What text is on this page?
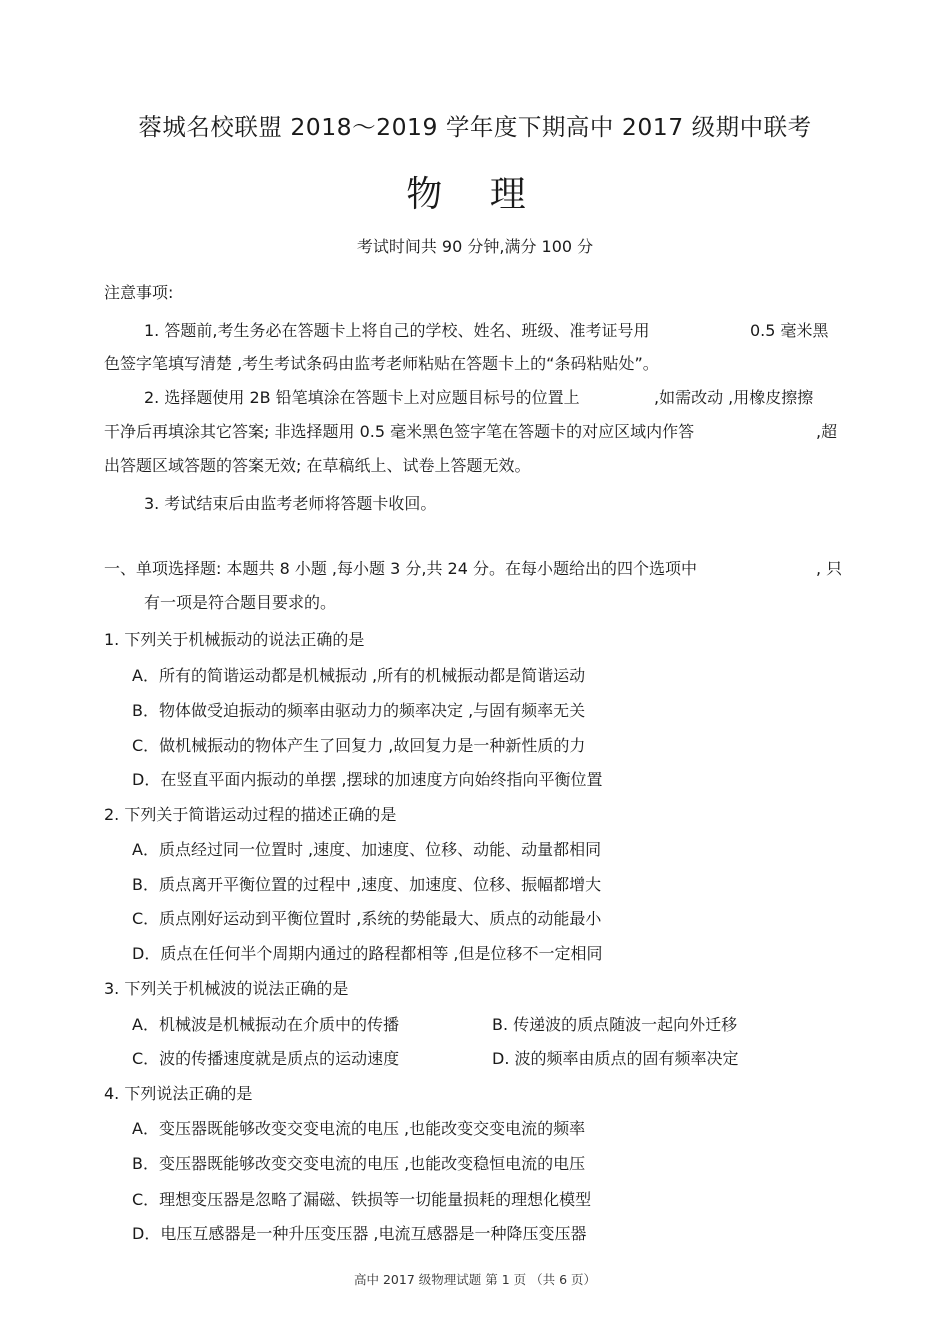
蓉城名校联盟 2018～2019 学年度下期高中 2017 级期中联考
物 理
考试时间共 90 分钟,满分 100 分
注意事项:
1. 答题前,考生务必在答题卡上将自己的学校、姓名、班级、准考证号用	0.5 毫米黑
色签字笔填写清楚 ,考生考试条码由监考老师粘贴在答题卡上的“条码粘贴处”。
2. 选择题使用 2B 铅笔填涂在答题卡上对应题目标号的位置上	,如需改动 ,用橡皮擦擦
干净后再填涂其它答案; 非选择题用 0.5 毫米黑色签字笔在答题卡的对应区域内作答	,超
出答题区域答题的答案无效; 在草稿纸上、试卷上答题无效。
3. 考试结束后由监考老师将答题卡收回。
一、单项选择题: 本题共 8 小题 ,每小题 3 分,共 24 分。在每小题给出的四个选项中	, 只
有一项是符合题目要求的。
1. 下列关于机械振动的说法正确的是
A．所有的简谐运动都是机械振动 ,所有的机械振动都是简谐运动
B．物体做受迫振动的频率由驱动力的频率决定 ,与固有频率无关
C．做机械振动的物体产生了回复力 ,故回复力是一种新性质的力
D．在竖直平面内振动的单摆 ,摆球的加速度方向始终指向平衡位置
2. 下列关于简谐运动过程的描述正确的是
A．质点经过同一位置时 ,速度、加速度、位移、动能、动量都相同
B．质点离开平衡位置的过程中 ,速度、加速度、位移、振幅都增大
C．质点刚好运动到平衡位置时 ,系统的势能最大、质点的动能最小
D．质点在任何半个周期内通过的路程都相等 ,但是位移不一定相同
3. 下列关于机械波的说法正确的是
A．机械波是机械振动在介质中的传播	B. 传递波的质点随波一起向外迁移
C．波的传播速度就是质点的运动速度	D. 波的频率由质点的固有频率决定
4. 下列说法正确的是
A．变压器既能够改变交变电流的电压 ,也能改变交变电流的频率
B．变压器既能够改变交变电流的电压 ,也能改变稳恒电流的电压
C．理想变压器是忽略了漏磁、铁损等一切能量损耗的理想化模型
D．电压互感器是一种升压变压器 ,电流互感器是一种降压变压器
高中 2017 级物理试题 第 1 页 （共 6 页）
